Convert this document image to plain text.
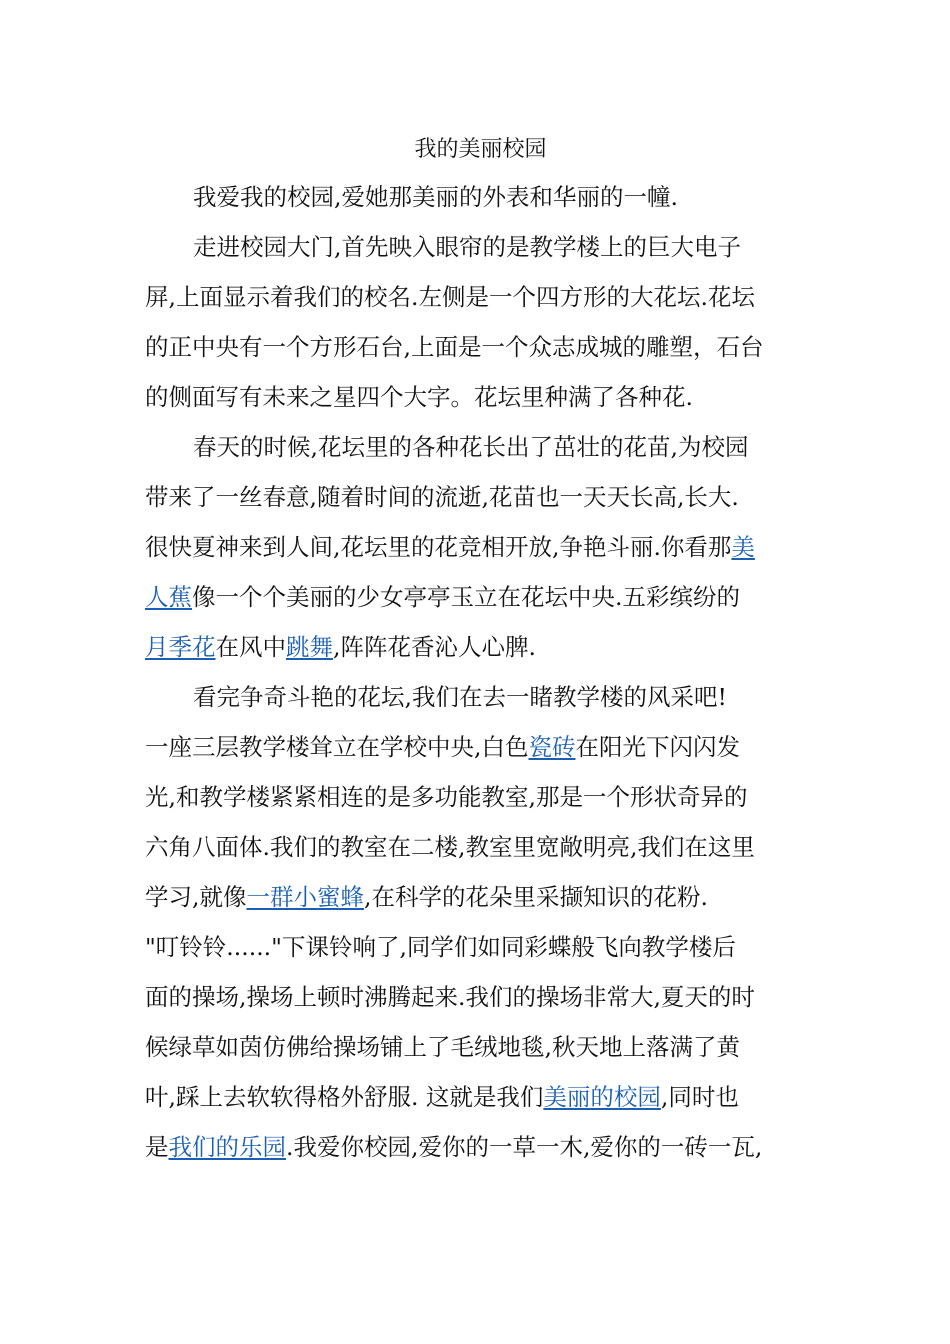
我的美丽校园
我爱我的校园,爱她那美丽的外表和华丽的一幢.
走进校园大门,首先映入眼帘的是教学楼上的巨大电子
屏,上面显示着我们的校名.左侧是一个四方形的大花坛.花坛
的正中央有一个方形石台,上面是一个众志成城的雕塑，石台
的侧面写有未来之星四个大字。花坛里种满了各种花.
春天的时候,花坛里的各种花长出了茁壮的花苗,为校园
带来了一丝春意,随着时间的流逝,花苗也一天天长高,长大.
很快夏神来到人间,花坛里的花竞相开放,争艳斗丽.你看那美
人蕉像一个个美丽的少女亭亭玉立在花坛中央.五彩缤纷的
月季花在风中跳舞,阵阵花香沁人心脾.
看完争奇斗艳的花坛,我们在去一睹教学楼的风采吧!
一座三层教学楼耸立在学校中央,白色瓷砖在阳光下闪闪发
光,和教学楼紧紧相连的是多功能教室,那是一个形状奇异的
六角八面体.我们的教室在二楼,教室里宽敞明亮,我们在这里
学习,就像一群小蜜蜂,在科学的花朵里采撷知识的花粉.
"叮铃铃......"下课铃响了,同学们如同彩蝶般飞向教学楼后
面的操场,操场上顿时沸腾起来.我们的操场非常大,夏天的时
候绿草如茵仿佛给操场铺上了毛绒地毯,秋天地上落满了黄
叶,踩上去软软得格外舒服. 这就是我们美丽的校园,同时也
是我们的乐园.我爱你校园,爱你的一草一木,爱你的一砖一瓦,
